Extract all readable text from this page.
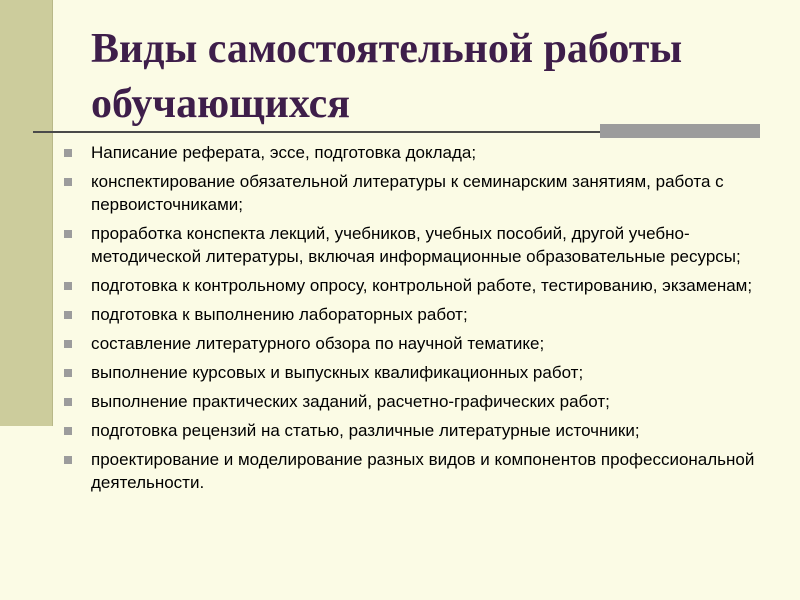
Виды самостоятельной работы обучающихся
Написание реферата, эссе, подготовка доклада;
конспектирование обязательной литературы к семинарским занятиям, работа с первоисточниками;
проработка конспекта лекций, учебников, учебных пособий, другой учебно-методической литературы, включая информационные образовательные ресурсы;
подготовка к контрольному опросу, контрольной работе, тестированию, экзаменам;
подготовка к выполнению лабораторных работ;
составление литературного обзора по научной тематике;
выполнение курсовых и выпускных квалификационных работ;
выполнение практических заданий, расчетно-графических работ;
подготовка рецензий на статью, различные литературные источники;
проектирование и моделирование разных видов и компонентов профессиональной деятельности.
